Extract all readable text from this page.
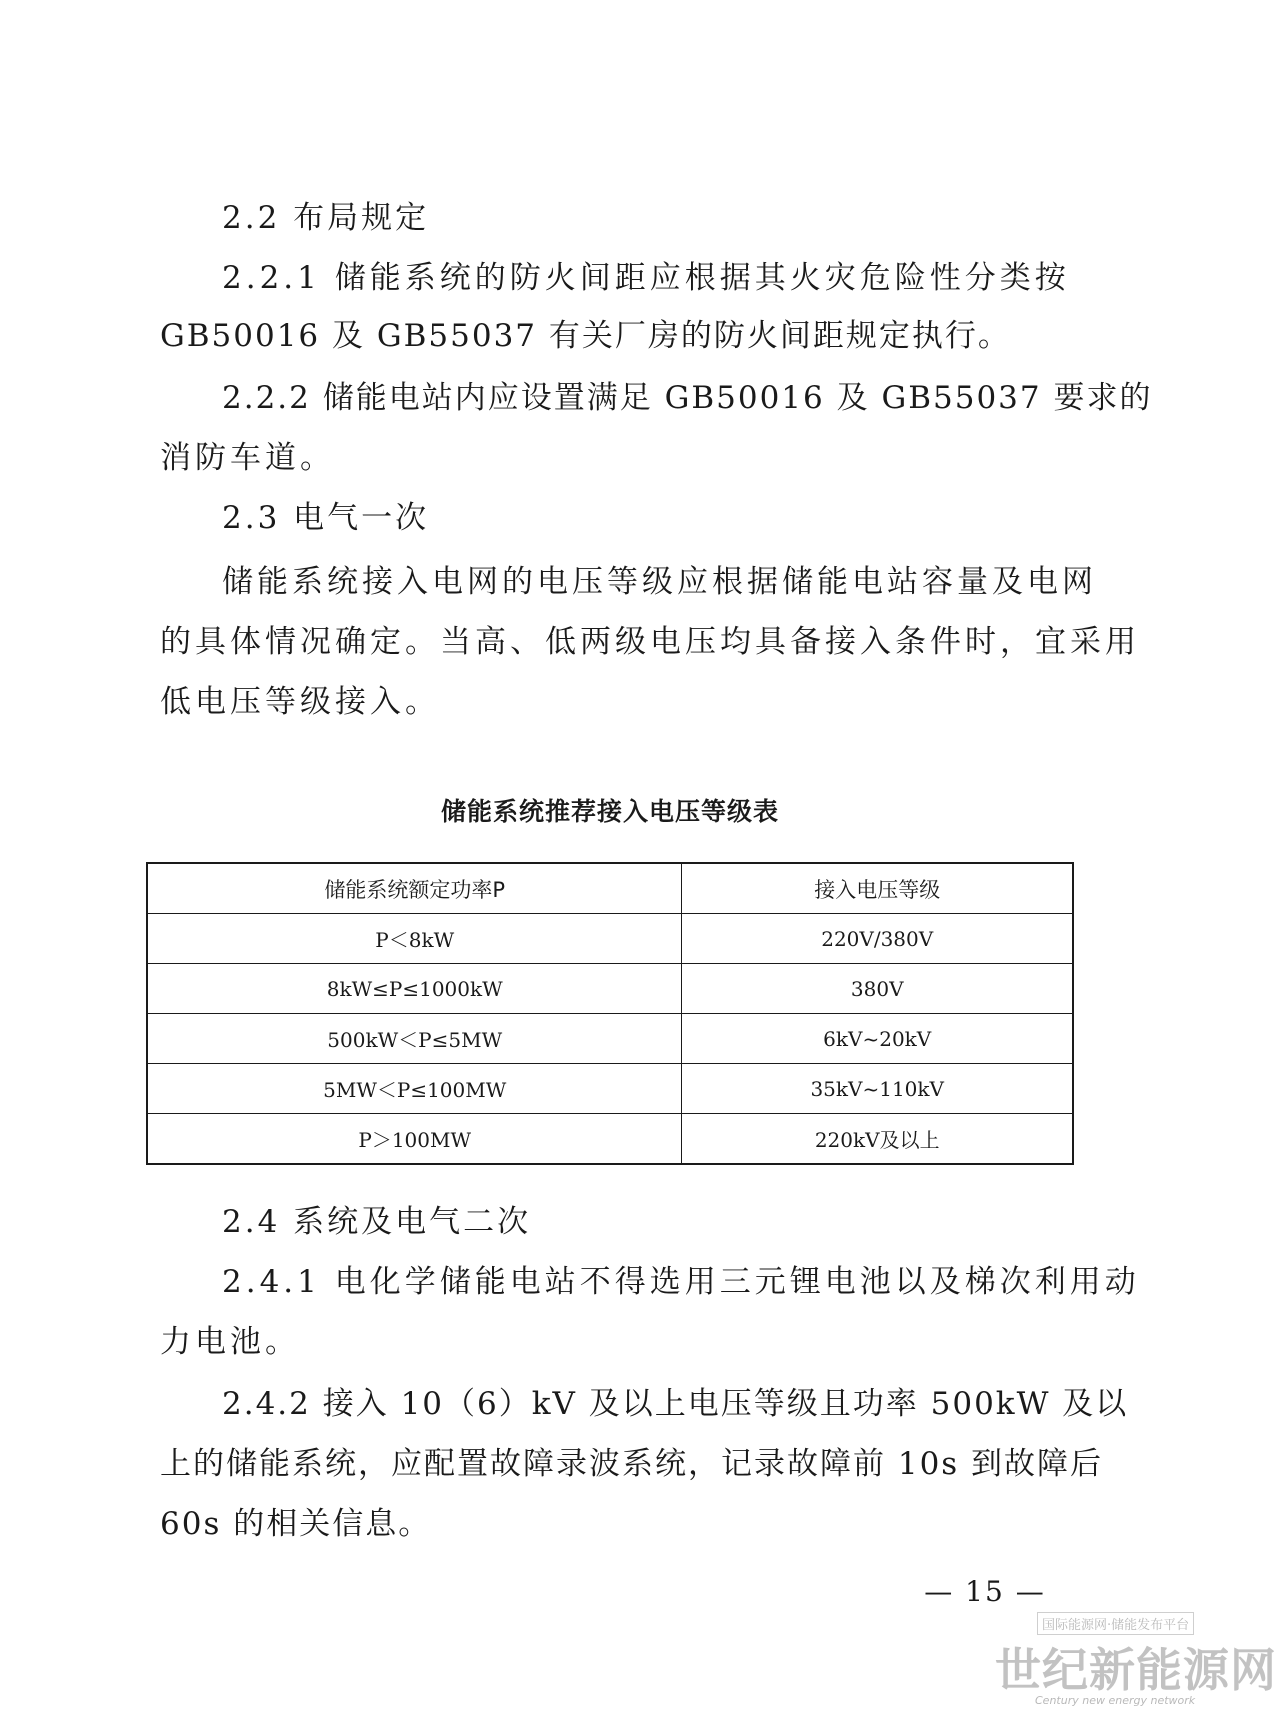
2.2 布局规定
2.2.1 储能系统的防火间距应根据其火灾危险性分类按
GB50016 及 GB55037 有关厂房的防火间距规定执行。
2.2.2 储能电站内应设置满足 GB50016 及 GB55037 要求的
消防车道。
2.3 电气一次
储能系统接入电网的电压等级应根据储能电站容量及电网
的具体情况确定。当高、低两级电压均具备接入条件时，宜采用
低电压等级接入。
储能系统推荐接入电压等级表
储能系统额定功率P	接入电压等级
P＜8kW	220V/380V
8kW≤P≤1000kW	380V
500kW＜P≤5MW	6kV~20kV
5MW＜P≤100MW	35kV~110kV
P＞100MW	220kV及以上
2.4 系统及电气二次
2.4.1 电化学储能电站不得选用三元锂电池以及梯次利用动
力电池。
2.4.2 接入 10（6）kV 及以上电压等级且功率 500kW 及以
上的储能系统，应配置故障录波系统，记录故障前 10s 到故障后
60s 的相关信息。
— 15 —
国际能源网·储能发布平台
世纪新能源网
Century new energy network
